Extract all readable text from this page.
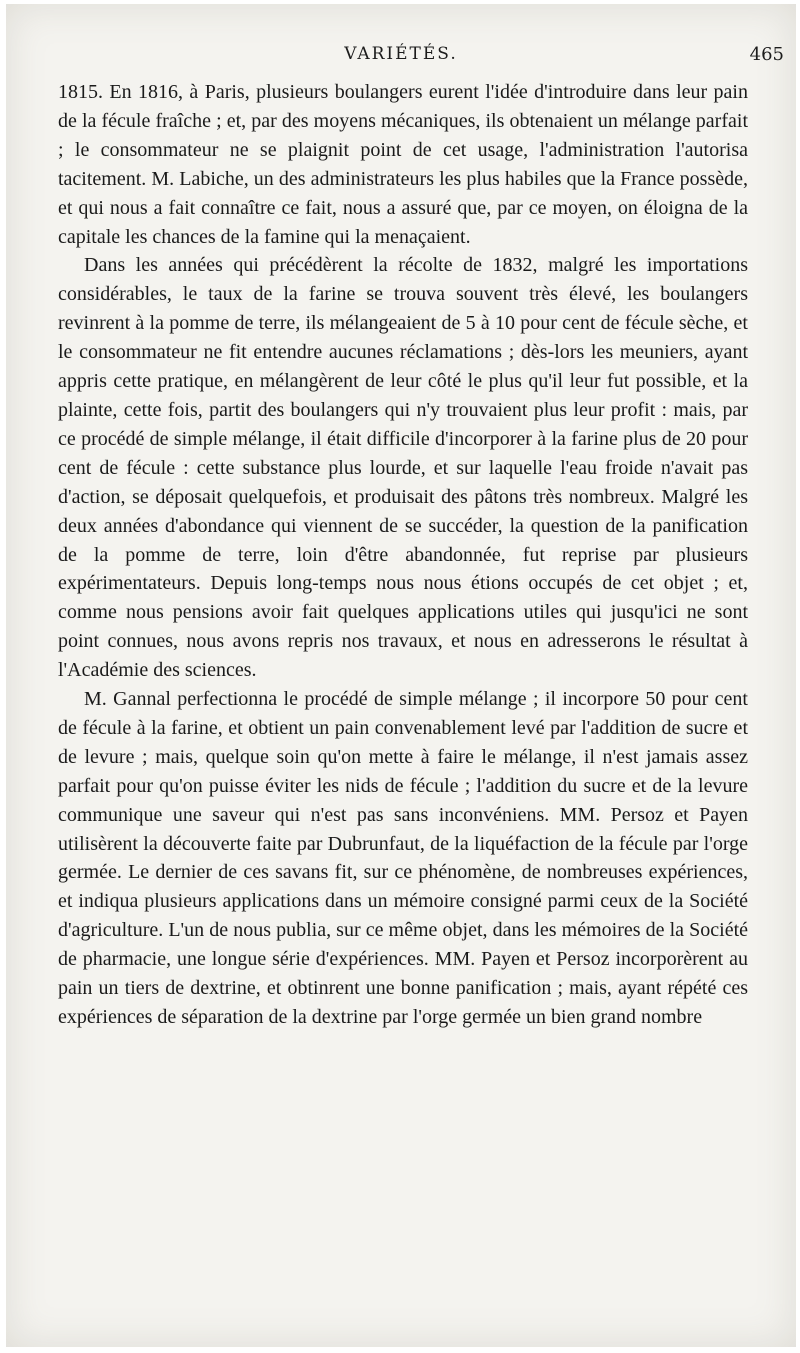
VARIÉTÉS.	465

1815. En 1816, à Paris, plusieurs boulangers eurent l'idée d'introduire dans leur pain de la fécule fraîche ; et, par des moyens mécaniques, ils obtenaient un mélange parfait ; le consommateur ne se plaignit point de cet usage, l'administration l'autorisa tacitement. M. Labiche, un des administrateurs les plus habiles que la France possède, et qui nous a fait connaître ce fait, nous a assuré que, par ce moyen, on éloigna de la capitale les chances de la famine qui la menaçaient.

Dans les années qui précédèrent la récolte de 1832, malgré les importations considérables, le taux de la farine se trouva souvent très élevé, les boulangers revinrent à la pomme de terre, ils mélangeaient de 5 à 10 pour cent de fécule sèche, et le consommateur ne fit entendre aucunes réclamations ; dès-lors les meuniers, ayant appris cette pratique, en mélangèrent de leur côté le plus qu'il leur fut possible, et la plainte, cette fois, partit des boulangers qui n'y trouvaient plus leur profit : mais, par ce procédé de simple mélange, il était difficile d'incorporer à la farine plus de 20 pour cent de fécule : cette substance plus lourde, et sur laquelle l'eau froide n'avait pas d'action, se déposait quelquefois, et produisait des pâtons très nombreux. Malgré les deux années d'abondance qui viennent de se succéder, la question de la panification de la pomme de terre, loin d'être abandonnée, fut reprise par plusieurs expérimentateurs. Depuis long-temps nous nous étions occupés de cet objet ; et, comme nous pensions avoir fait quelques applications utiles qui jusqu'ici ne sont point connues, nous avons repris nos travaux, et nous en adresserons le résultat à l'Académie des sciences.

M. Gannal perfectionna le procédé de simple mélange ; il incorpore 50 pour cent de fécule à la farine, et obtient un pain convenablement levé par l'addition de sucre et de levure ; mais, quelque soin qu'on mette à faire le mélange, il n'est jamais assez parfait pour qu'on puisse éviter les nids de fécule ; l'addition du sucre et de la levure communique une saveur qui n'est pas sans inconvéniens. MM. Persoz et Payen utilisèrent la découverte faite par Dubrunfaut, de la liquéfaction de la fécule par l'orge germée. Le dernier de ces savans fit, sur ce phénomène, de nombreuses expériences, et indiqua plusieurs applications dans un mémoire consigné parmi ceux de la Société d'agriculture. L'un de nous publia, sur ce même objet, dans les mémoires de la Société de pharmacie, une longue série d'expériences. MM. Payen et Persoz incorporèrent au pain un tiers de dextrine, et obtinrent une bonne panification ; mais, ayant répété ces expériences de séparation de la dextrine par l'orge germée un bien grand nombre
